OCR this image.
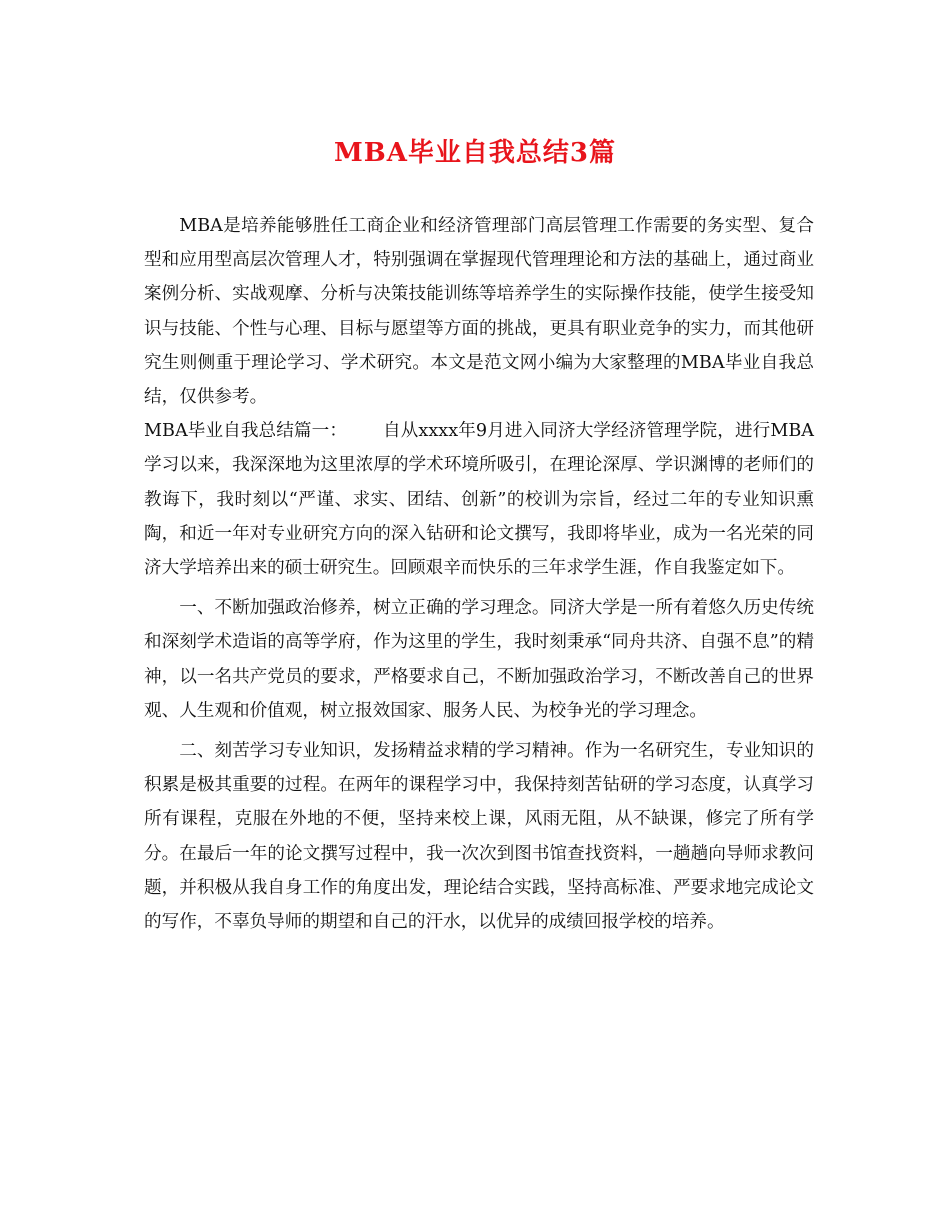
MBA毕业自我总结3篇

MBA是培养能够胜任工商企业和经济管理部门高层管理工作需要的务实型、复合型和应用型高层次管理人才，特别强调在掌握现代管理理论和方法的基础上，通过商业案例分析、实战观摩、分析与决策技能训练等培养学生的实际操作技能，使学生接受知识与技能、个性与心理、目标与愿望等方面的挑战，更具有职业竞争的实力，而其他研究生则侧重于理论学习、学术研究。本文是范文网小编为大家整理的MBA毕业自我总结，仅供参考。

MBA毕业自我总结篇一： 自从xxxx年9月进入同济大学经济管理学院，进行MBA学习以来，我深深地为这里浓厚的学术环境所吸引，在理论深厚、学识渊博的老师们的教诲下，我时刻以“严谨、求实、团结、创新”的校训为宗旨，经过二年的专业知识熏陶，和近一年对专业研究方向的深入钻研和论文撰写，我即将毕业，成为一名光荣的同济大学培养出来的硕士研究生。回顾艰辛而快乐的三年求学生涯，作自我鉴定如下。

一、不断加强政治修养，树立正确的学习理念。同济大学是一所有着悠久历史传统和深刻学术造诣的高等学府，作为这里的学生，我时刻秉承“同舟共济、自强不息”的精神，以一名共产党员的要求，严格要求自己，不断加强政治学习，不断改善自己的世界观、人生观和价值观，树立报效国家、服务人民、为校争光的学习理念。

二、刻苦学习专业知识，发扬精益求精的学习精神。作为一名研究生，专业知识的积累是极其重要的过程。在两年的课程学习中，我保持刻苦钻研的学习态度，认真学习所有课程，克服在外地的不便，坚持来校上课，风雨无阻，从不缺课，修完了所有学分。在最后一年的论文撰写过程中，我一次次到图书馆查找资料，一趟趟向导师求教问题，并积极从我自身工作的角度出发，理论结合实践，坚持高标准、严要求地完成论文的写作，不辜负导师的期望和自己的汗水，以优异的成绩回报学校的培养。
